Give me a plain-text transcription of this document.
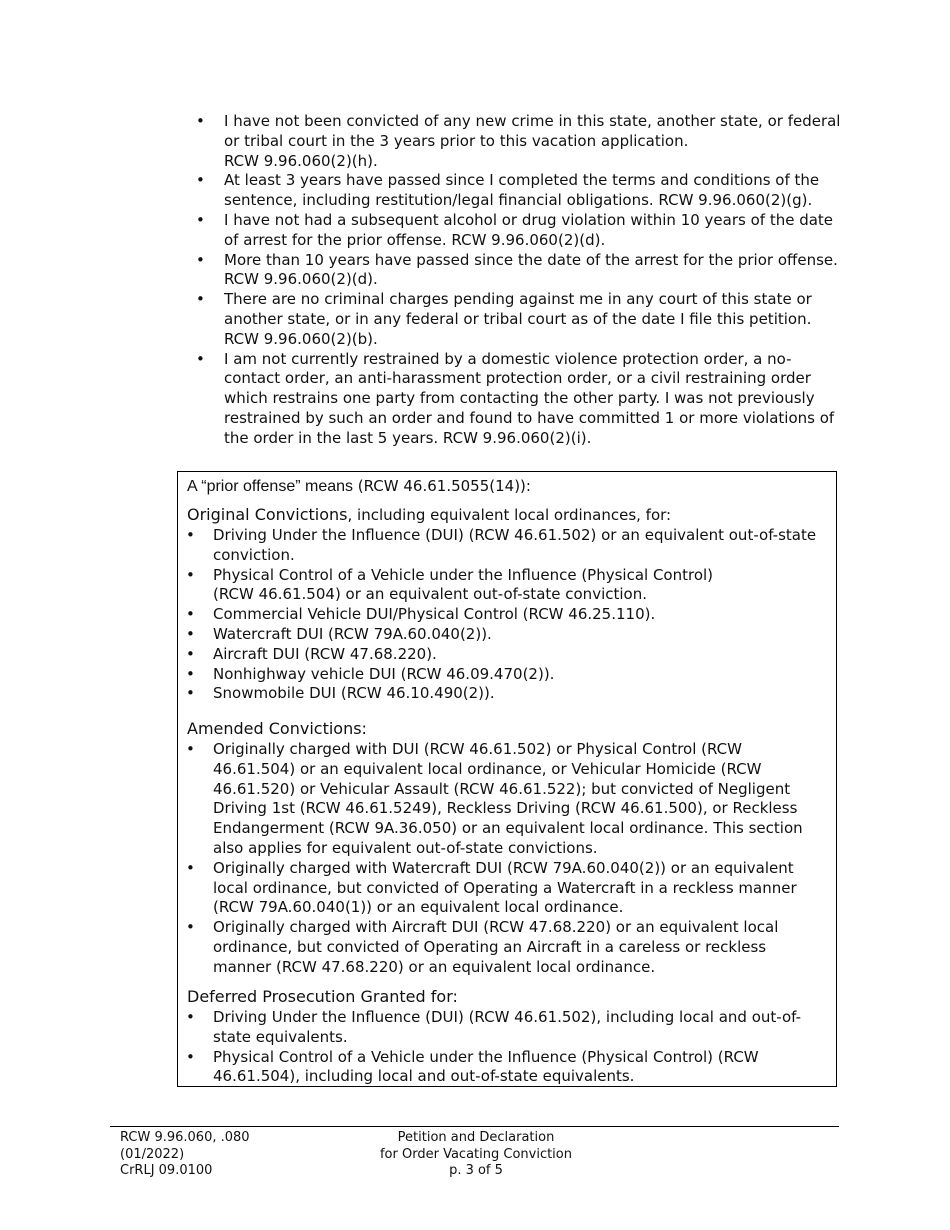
• I have not been convicted of any new crime in this state, another state, or federal
or tribal court in the 3 years prior to this vacation application.
RCW 9.96.060(2)(h).
• At least 3 years have passed since I completed the terms and conditions of the
sentence, including restitution/legal financial obligations. RCW 9.96.060(2)(g).
• I have not had a subsequent alcohol or drug violation within 10 years of the date
of arrest for the prior offense. RCW 9.96.060(2)(d).
• More than 10 years have passed since the date of the arrest for the prior offense.
RCW 9.96.060(2)(d).
• There are no criminal charges pending against me in any court of this state or
another state, or in any federal or tribal court as of the date I file this petition.
RCW 9.96.060(2)(b).
• I am not currently restrained by a domestic violence protection order, a no-
contact order, an anti-harassment protection order, or a civil restraining order
which restrains one party from contacting the other party. I was not previously
restrained by such an order and found to have committed 1 or more violations of
the order in the last 5 years. RCW 9.96.060(2)(i).
A “prior offense” means (RCW 46.61.5055(14)):
Original Convictions, including equivalent local ordinances, for:
• Driving Under the Influence (DUI) (RCW 46.61.502) or an equivalent out-of-state
conviction.
• Physical Control of a Vehicle under the Influence (Physical Control)
(RCW 46.61.504) or an equivalent out-of-state conviction.
• Commercial Vehicle DUI/Physical Control (RCW 46.25.110).
• Watercraft DUI (RCW 79A.60.040(2)).
• Aircraft DUI (RCW 47.68.220).
• Nonhighway vehicle DUI (RCW 46.09.470(2)).
• Snowmobile DUI (RCW 46.10.490(2)).
Amended Convictions:
• Originally charged with DUI (RCW 46.61.502) or Physical Control (RCW
46.61.504) or an equivalent local ordinance, or Vehicular Homicide (RCW
46.61.520) or Vehicular Assault (RCW 46.61.522); but convicted of Negligent
Driving 1st (RCW 46.61.5249), Reckless Driving (RCW 46.61.500), or Reckless
Endangerment (RCW 9A.36.050) or an equivalent local ordinance. This section
also applies for equivalent out-of-state convictions.
• Originally charged with Watercraft DUI (RCW 79A.60.040(2)) or an equivalent
local ordinance, but convicted of Operating a Watercraft in a reckless manner
(RCW 79A.60.040(1)) or an equivalent local ordinance.
• Originally charged with Aircraft DUI (RCW 47.68.220) or an equivalent local
ordinance, but convicted of Operating an Aircraft in a careless or reckless
manner (RCW 47.68.220) or an equivalent local ordinance.
Deferred Prosecution Granted for:
• Driving Under the Influence (DUI) (RCW 46.61.502), including local and out-of-
state equivalents.
• Physical Control of a Vehicle under the Influence (Physical Control) (RCW
46.61.504), including local and out-of-state equivalents.
RCW 9.96.060, .080
(01/2022)
CrRLJ 09.0100
Petition and Declaration
for Order Vacating Conviction
p. 3 of 5
